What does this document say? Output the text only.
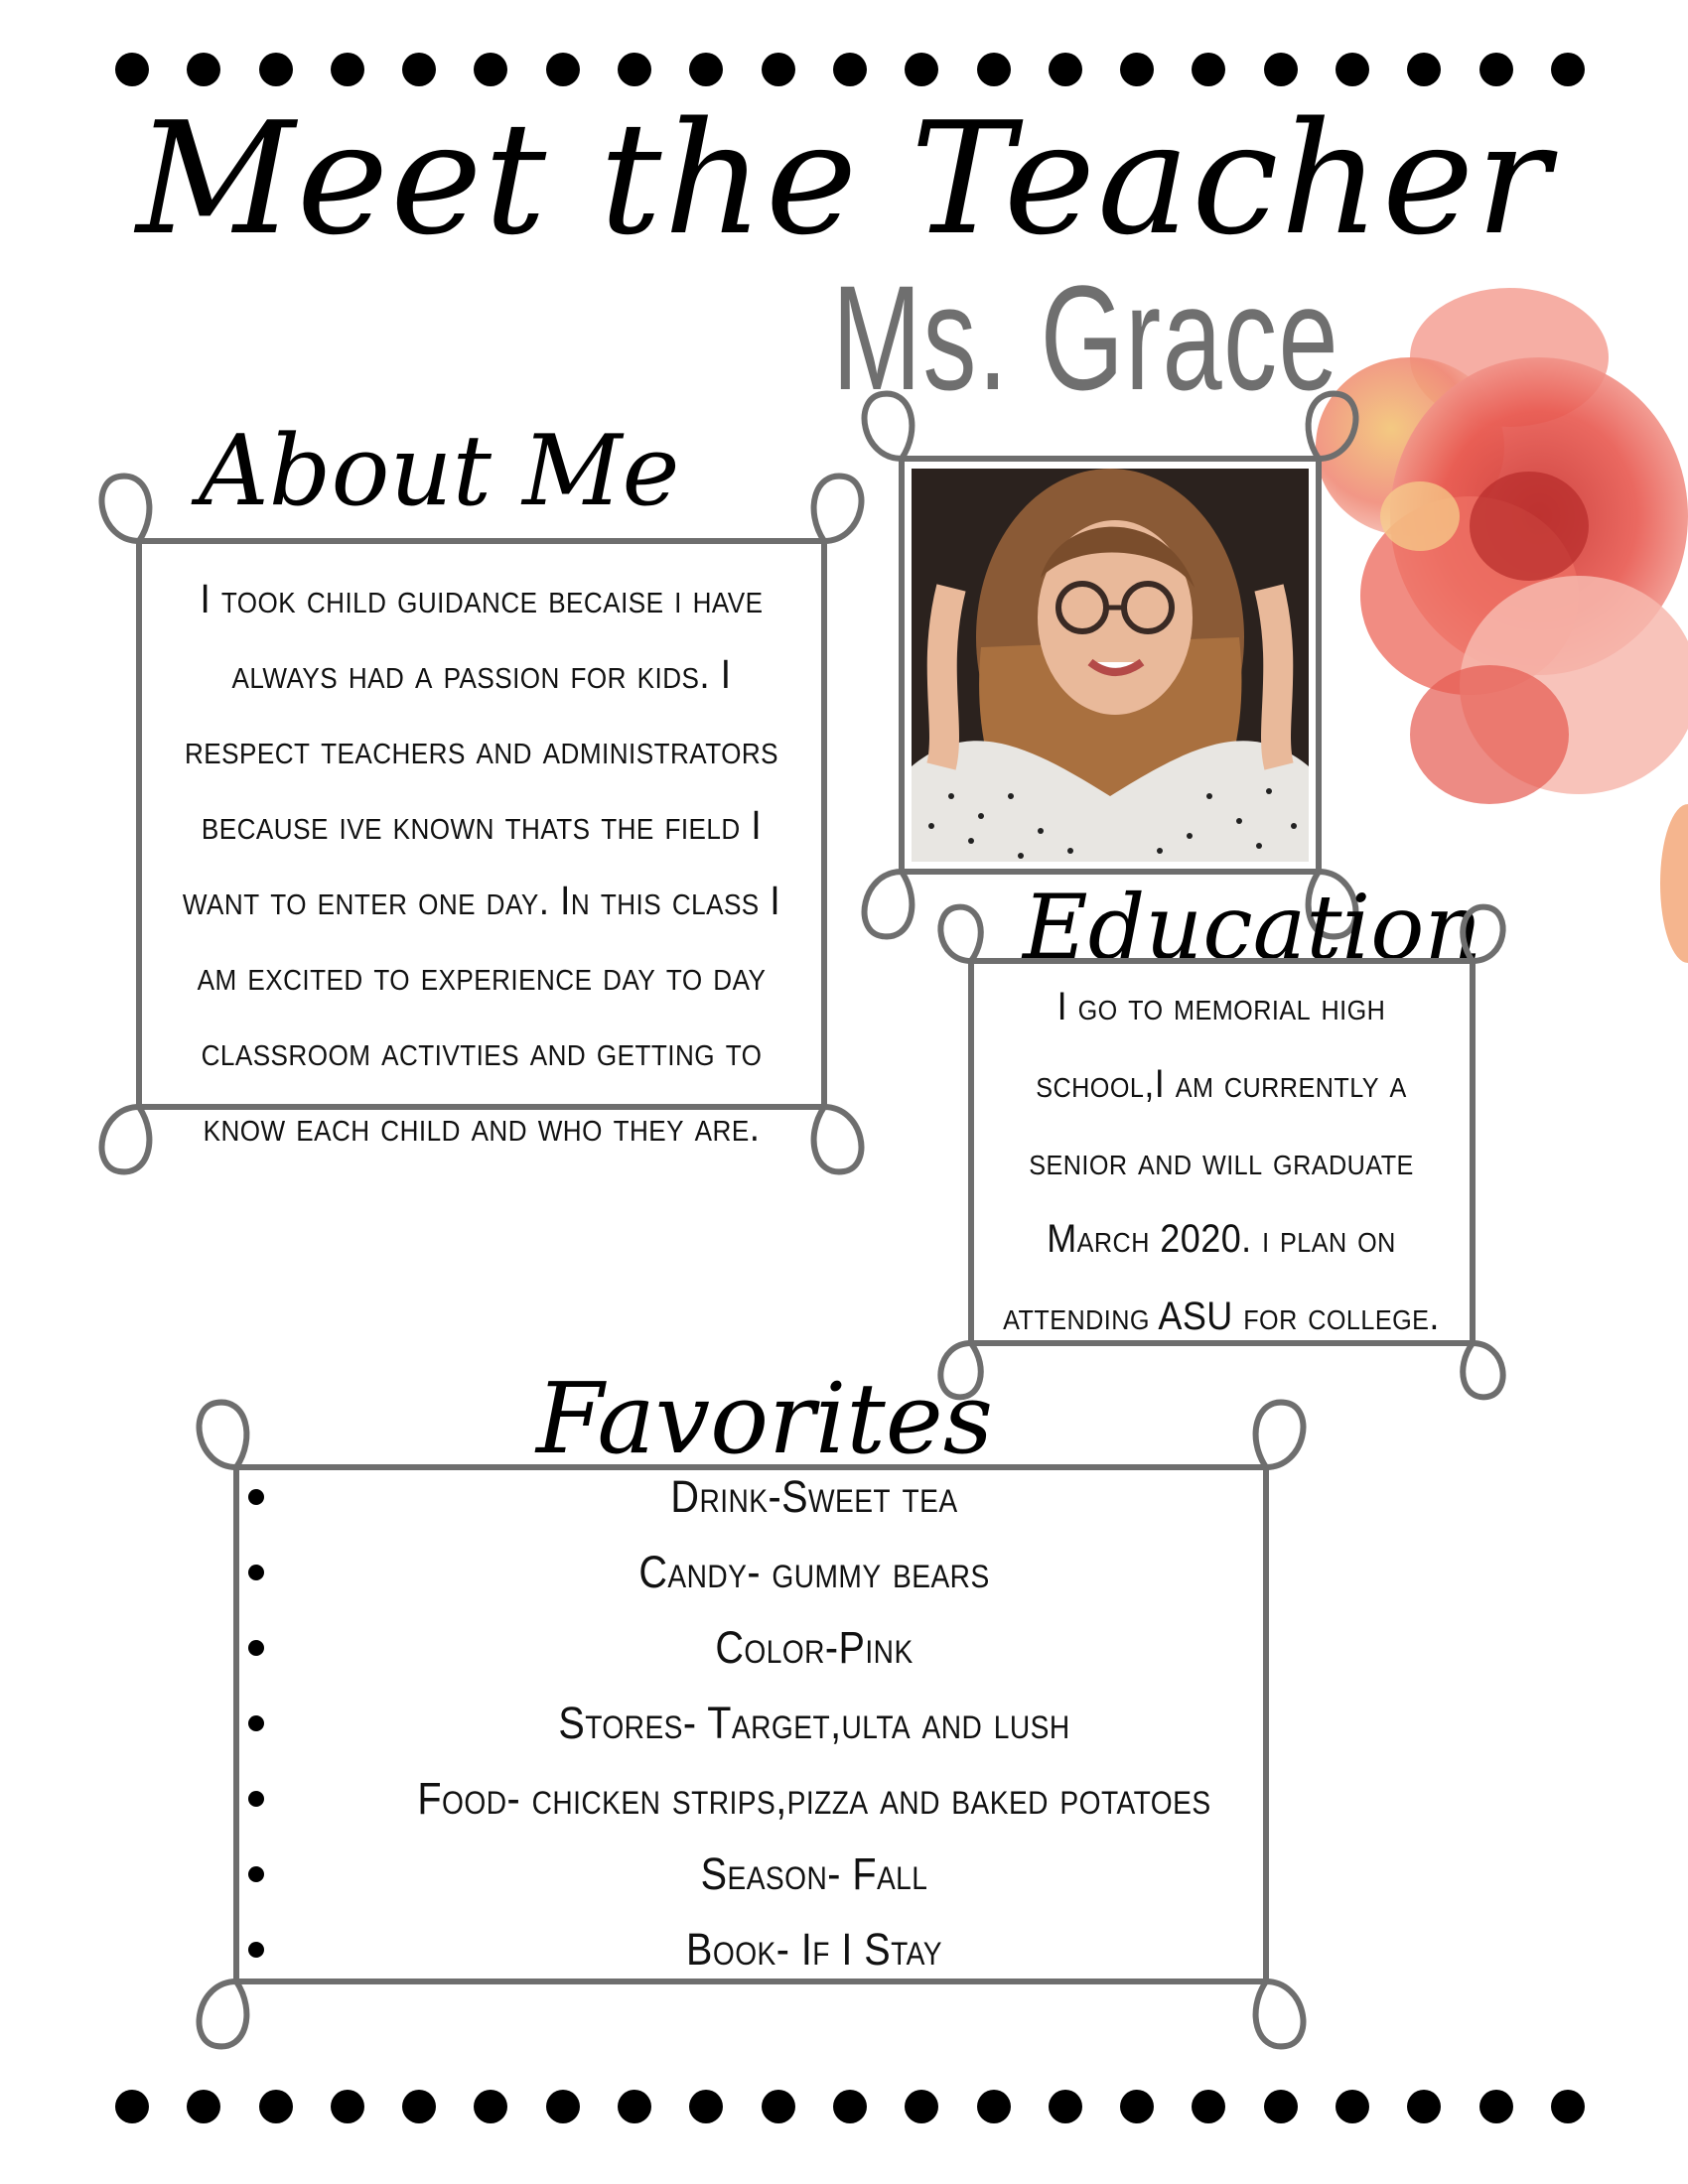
Meet the Teacher
Ms. Grace
About Me
I took child guidance becaise i have always had a passion for kids. I respect teachers and administrators because ive known thats the field I want to enter one day. In this class I am excited to experience day to day classroom activties and getting to know each child and who they are.
Education
I go to memorial high school,I am currently a senior and will graduate March 2020. i plan on attending ASU for college.
Favorites
Drink-Sweet tea
Candy- gummy bears
Color-Pink
Stores- Target,ulta and lush
Food- chicken strips,pizza and baked potatoes
Season- Fall
Book- If I Stay
